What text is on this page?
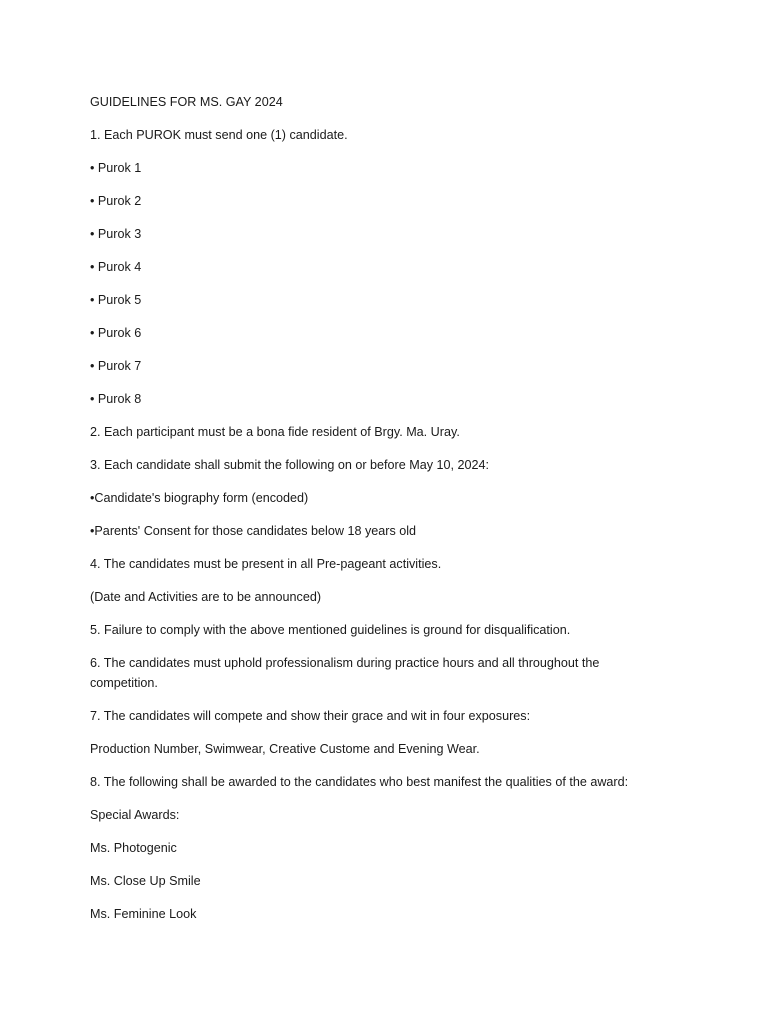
GUIDELINES FOR MS. GAY 2024

1. Each PUROK must send one (1) candidate.

• Purok 1

• Purok 2

• Purok 3

• Purok 4

• Purok 5

• Purok 6

• Purok 7

• Purok 8

2. Each participant must be a bona fide resident of Brgy. Ma. Uray.

3. Each candidate shall submit the following on or before May 10, 2024:

•Candidate's biography form (encoded)

•Parents' Consent for those candidates below 18 years old

4. The candidates must be present in all Pre-pageant activities.

(Date and Activities are to be announced)

5. Failure to comply with the above mentioned guidelines is ground for disqualification.

6. The candidates must uphold professionalism during practice hours and all throughout the competition.

7. The candidates will compete and show their grace and wit in four exposures:

Production Number, Swimwear, Creative Custome and Evening Wear.

8. The following shall be awarded to the candidates who best manifest the qualities of the award:

Special Awards:

Ms. Photogenic

Ms. Close Up Smile

Ms. Feminine Look
